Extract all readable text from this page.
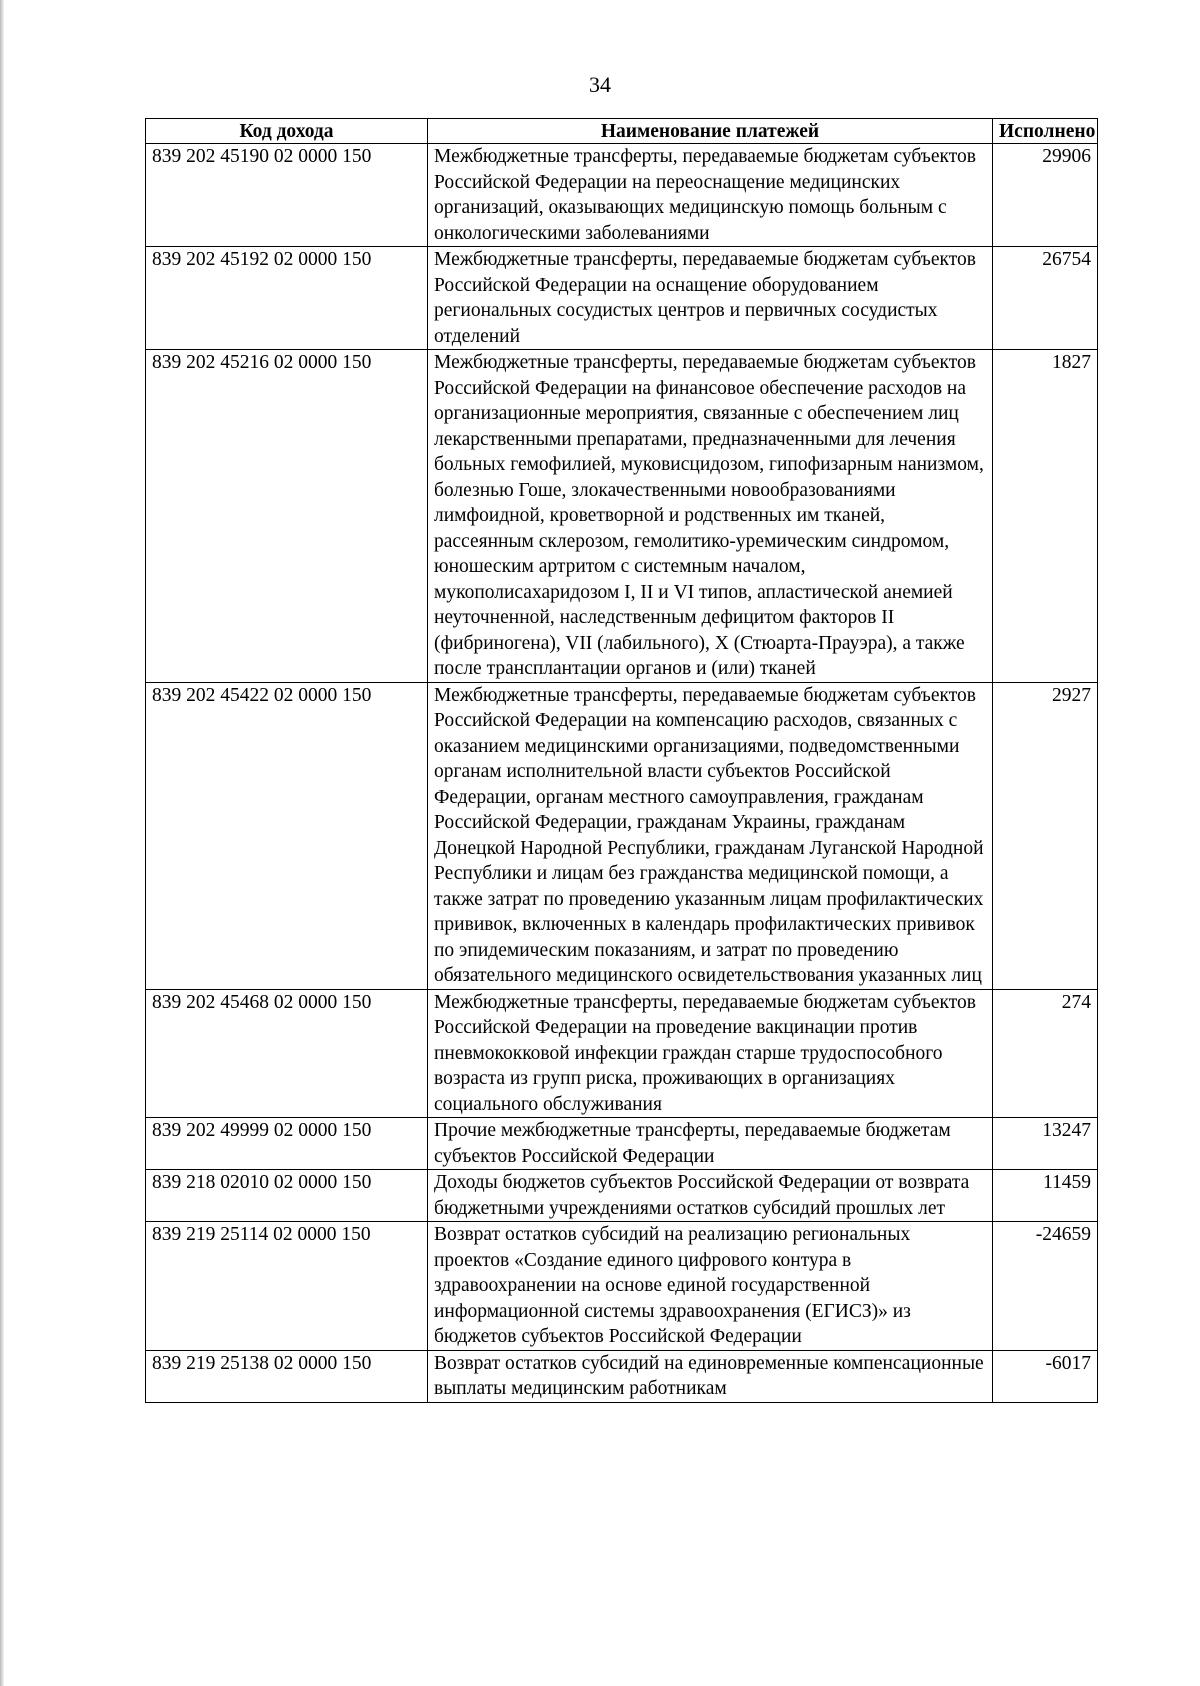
34
Код дохода	Наименование платежей	Исполнено
839 202 45190 02 0000 150	Межбюджетные трансферты, передаваемые бюджетам субъектов Российской Федерации на переоснащение медицинских организаций, оказывающих медицинскую помощь больным с онкологическими заболеваниями	29906
839 202 45192 02 0000 150	Межбюджетные трансферты, передаваемые бюджетам субъектов Российской Федерации на оснащение оборудованием региональных сосудистых центров и первичных сосудистых отделений	26754
839 202 45216 02 0000 150	Межбюджетные трансферты, передаваемые бюджетам субъектов Российской Федерации на финансовое обеспечение расходов на организационные мероприятия, связанные с обеспечением лиц лекарственными препаратами, предназначенными для лечения больных гемофилией, муковисцидозом, гипофизарным нанизмом, болезнью Гоше, злокачественными новообразованиями лимфоидной, кроветворной и родственных им тканей, рассеянным склерозом, гемолитико-уремическим синдромом, юношеским артритом с системным началом, мукополисахаридозом I, II и VI типов, апластической анемией неуточненной, наследственным дефицитом факторов II (фибриногена), VII (лабильного), X (Стюарта-Прауэра), а также после трансплантации органов и (или) тканей	1827
839 202 45422 02 0000 150	Межбюджетные трансферты, передаваемые бюджетам субъектов Российской Федерации на компенсацию расходов, связанных с оказанием медицинскими организациями, подведомственными органам исполнительной власти субъектов Российской Федерации, органам местного самоуправления, гражданам Российской Федерации, гражданам Украины, гражданам Донецкой Народной Республики, гражданам Луганской Народной Республики и лицам без гражданства медицинской помощи, а также затрат по проведению указанным лицам профилактических прививок, включенных в календарь профилактических прививок по эпидемическим показаниям, и затрат по проведению обязательного медицинского освидетельствования указанных лиц	2927
839 202 45468 02 0000 150	Межбюджетные трансферты, передаваемые бюджетам субъектов Российской Федерации на проведение вакцинации против пневмококковой инфекции граждан старше трудоспособного возраста из групп риска, проживающих в организациях социального обслуживания	274
839 202 49999 02 0000 150	Прочие межбюджетные трансферты, передаваемые бюджетам субъектов Российской Федерации	13247
839 218 02010 02 0000 150	Доходы бюджетов субъектов Российской Федерации от возврата бюджетными учреждениями остатков субсидий прошлых лет	11459
839 219 25114 02 0000 150	Возврат остатков субсидий на реализацию региональных проектов «Создание единого цифрового контура в здравоохранении на основе единой государственной информационной системы здравоохранения (ЕГИСЗ)» из бюджетов субъектов Российской Федерации	-24659
839 219 25138 02 0000 150	Возврат остатков субсидий на единовременные компенсационные выплаты медицинским работникам	-6017
